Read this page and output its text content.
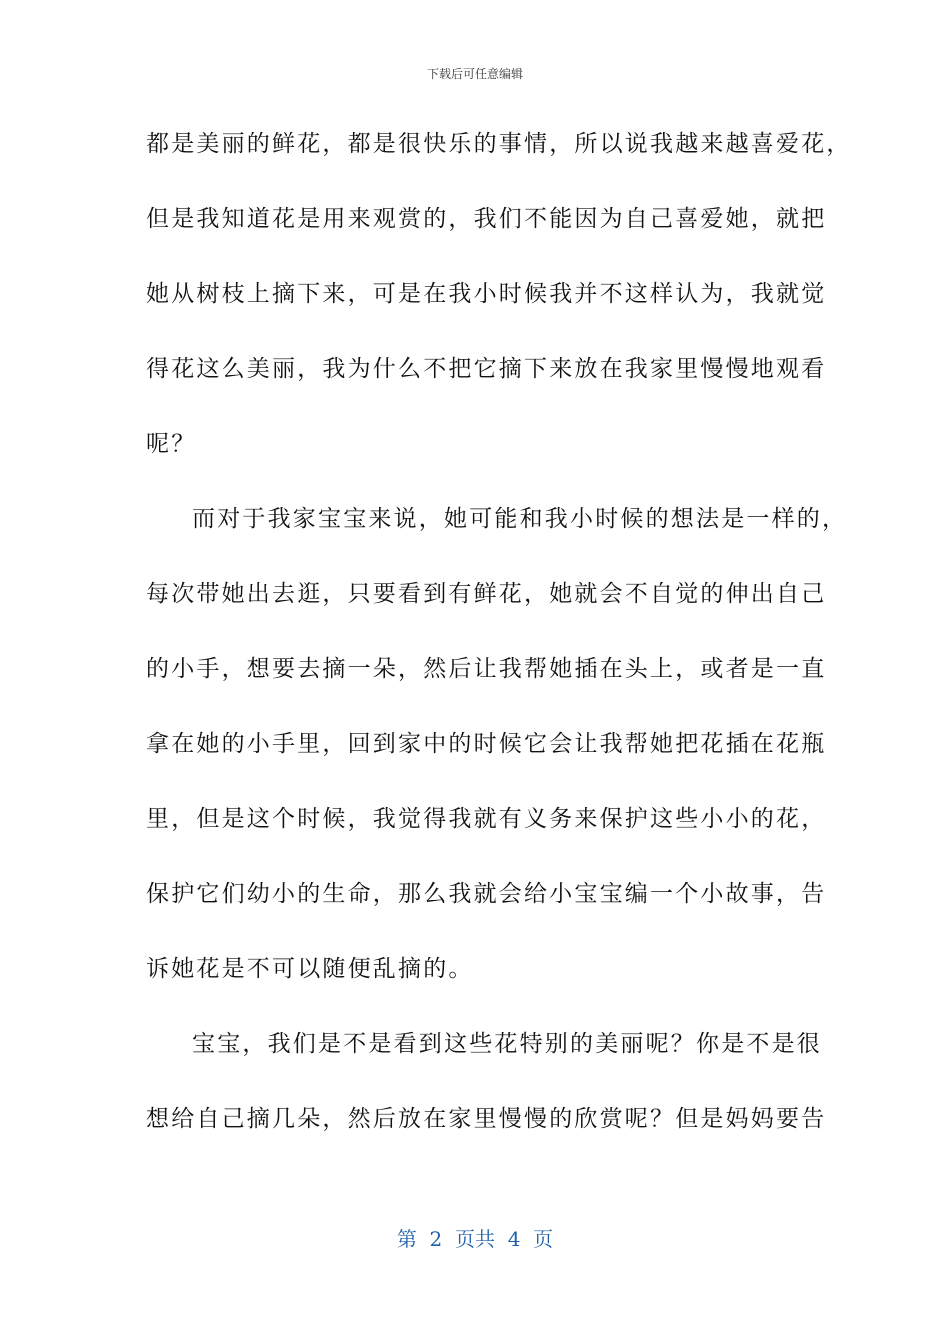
下载后可任意编辑
都是美丽的鲜花，都是很快乐的事情，所以说我越来越喜爱花，
但是我知道花是用来观赏的，我们不能因为自己喜爱她，就把
她从树枝上摘下来，可是在我小时候我并不这样认为，我就觉
得花这么美丽，我为什么不把它摘下来放在我家里慢慢地观看
呢？
而对于我家宝宝来说，她可能和我小时候的想法是一样的，
每次带她出去逛，只要看到有鲜花，她就会不自觉的伸出自己
的小手，想要去摘一朵，然后让我帮她插在头上，或者是一直
拿在她的小手里，回到家中的时候它会让我帮她把花插在花瓶
里，但是这个时候，我觉得我就有义务来保护这些小小的花，
保护它们幼小的生命，那么我就会给小宝宝编一个小故事，告
诉她花是不可以随便乱摘的。
宝宝，我们是不是看到这些花特别的美丽呢？你是不是很
想给自己摘几朵，然后放在家里慢慢的欣赏呢？但是妈妈要告
第  2  页共  4  页
